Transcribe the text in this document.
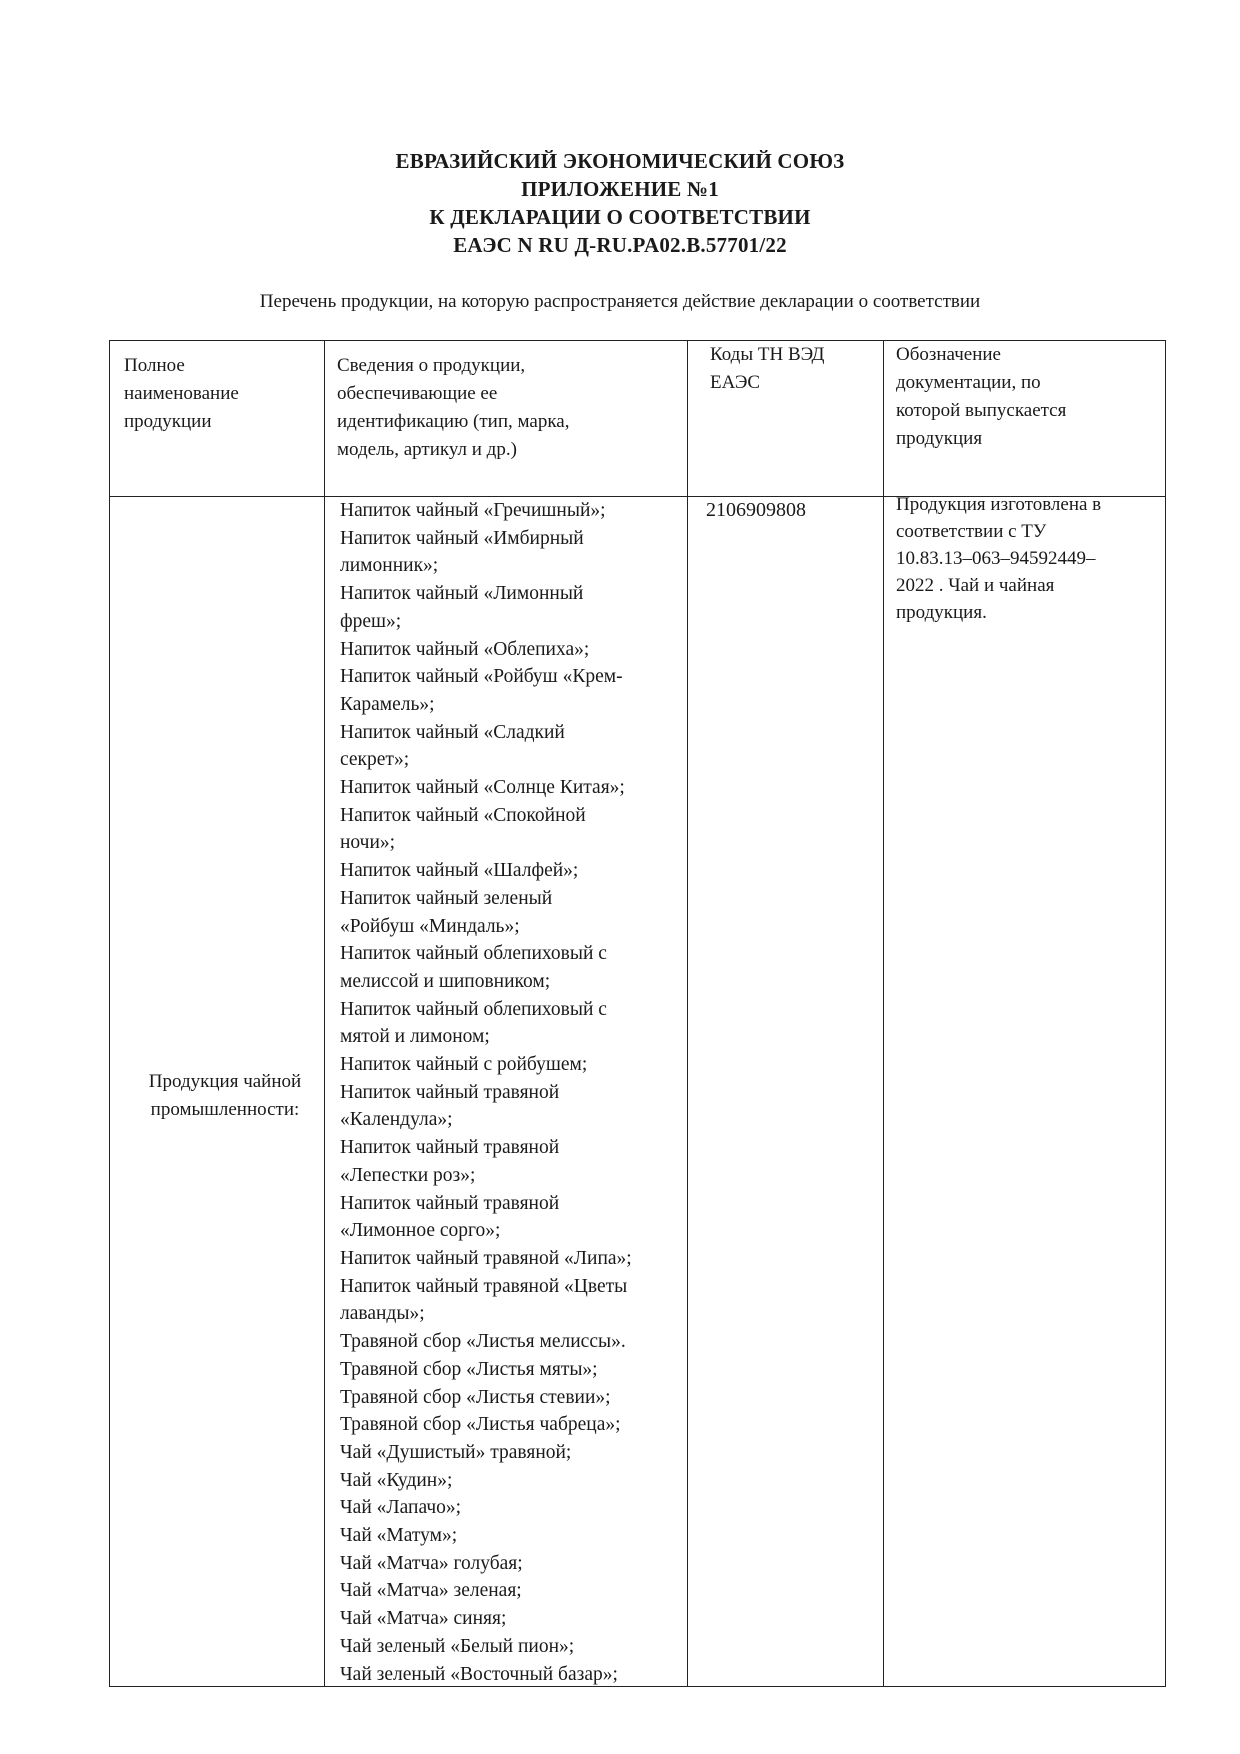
ЕВРАЗИЙСКИЙ ЭКОНОМИЧЕСКИЙ СОЮЗ
ПРИЛОЖЕНИЕ №1
К ДЕКЛАРАЦИИ О СООТВЕТСТВИИ
ЕАЭС N RU Д-RU.PA02.B.57701/22
Перечень продукции, на которую распространяется действие декларации о соответствии
Полное
наименование
продукции
Сведения о продукции,
обеспечивающие ее
идентификацию (тип, марка,
модель, артикул и др.)
Коды ТН ВЭД
ЕАЭС
Обозначение
документации, по
которой выпускается
продукция
Продукция чайной
промышленности:
2106909808	Продукция изготовлена в
соответствии с ТУ
10.83.13–063–94592449–
2022 . Чай и чайная
продукция.
Напиток чайный «Гречишный»;
Напиток чайный «Имбирный
лимонник»;
Напиток чайный «Лимонный
фреш»;
Напиток чайный «Облепиха»;
Напиток чайный «Ройбуш «Крем-
Карамель»;
Напиток чайный «Сладкий
секрет»;
Напиток чайный «Солнце Китая»;
Напиток чайный «Спокойной
ночи»;
Напиток чайный «Шалфей»;
Напиток чайный зеленый
«Ройбуш «Миндаль»;
Напиток чайный облепиховый с
мелиссой и шиповником;
Напиток чайный облепиховый с
мятой и лимоном;
Напиток чайный с ройбушем;
Напиток чайный травяной
«Календула»;
Напиток чайный травяной
«Лепестки роз»;
Напиток чайный травяной
«Лимонное сорго»;
Напиток чайный травяной «Липа»;
Напиток чайный травяной «Цветы
лаванды»;
Травяной сбор «Листья мелиссы».
Травяной сбор «Листья мяты»;
Травяной сбор «Листья стевии»;
Травяной сбор «Листья чабреца»;
Чай «Душистый» травяной;
Чай «Кудин»;
Чай «Лапачо»;
Чай «Матум»;
Чай «Матча» голубая;
Чай «Матча» зеленая;
Чай «Матча» синяя;
Чай зеленый «Белый пион»;
Чай зеленый «Восточный базар»;
